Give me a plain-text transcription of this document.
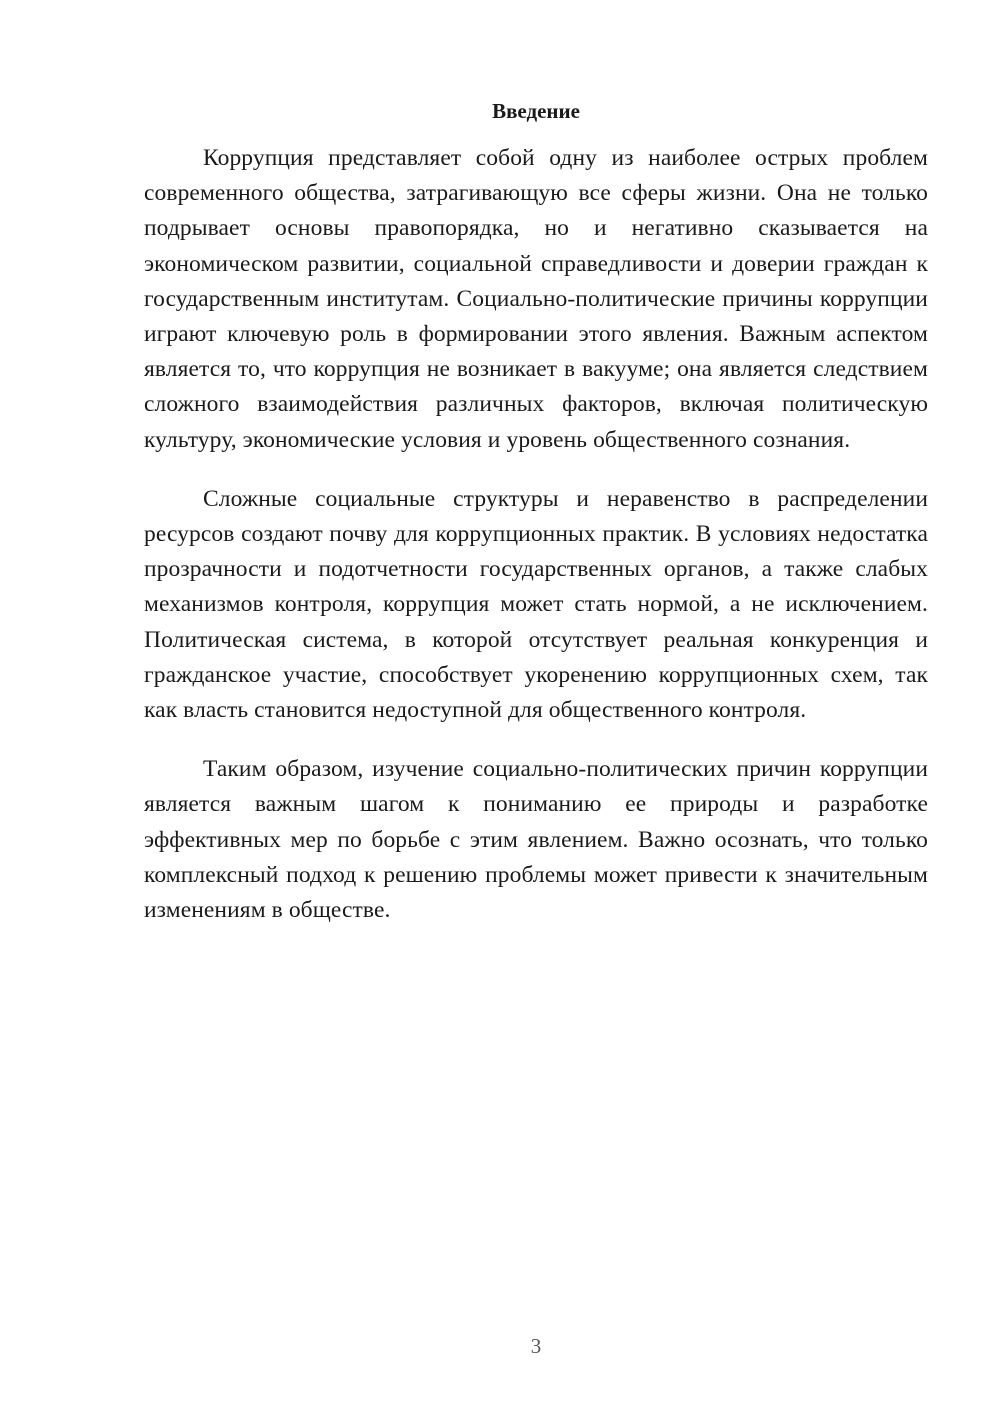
Введение

Коррупция представляет собой одну из наиболее острых проблем современного общества, затрагивающую все сферы жизни. Она не только подрывает основы правопорядка, но и негативно сказывается на экономическом развитии, социальной справедливости и доверии граждан к государственным институтам. Социально-политические причины коррупции играют ключевую роль в формировании этого явления. Важным аспектом является то, что коррупция не возникает в вакууме; она является следствием сложного взаимодействия различных факторов, включая политическую культуру, экономические условия и уровень общественного сознания.

Сложные социальные структуры и неравенство в распределении ресурсов создают почву для коррупционных практик. В условиях недостатка прозрачности и подотчетности государственных органов, а также слабых механизмов контроля, коррупция может стать нормой, а не исключением. Политическая система, в которой отсутствует реальная конкуренция и гражданское участие, способствует укоренению коррупционных схем, так как власть становится недоступной для общественного контроля.

Таким образом, изучение социально-политических причин коррупции является важным шагом к пониманию ее природы и разработке эффективных мер по борьбе с этим явлением. Важно осознать, что только комплексный подход к решению проблемы может привести к значительным изменениям в обществе.

3
